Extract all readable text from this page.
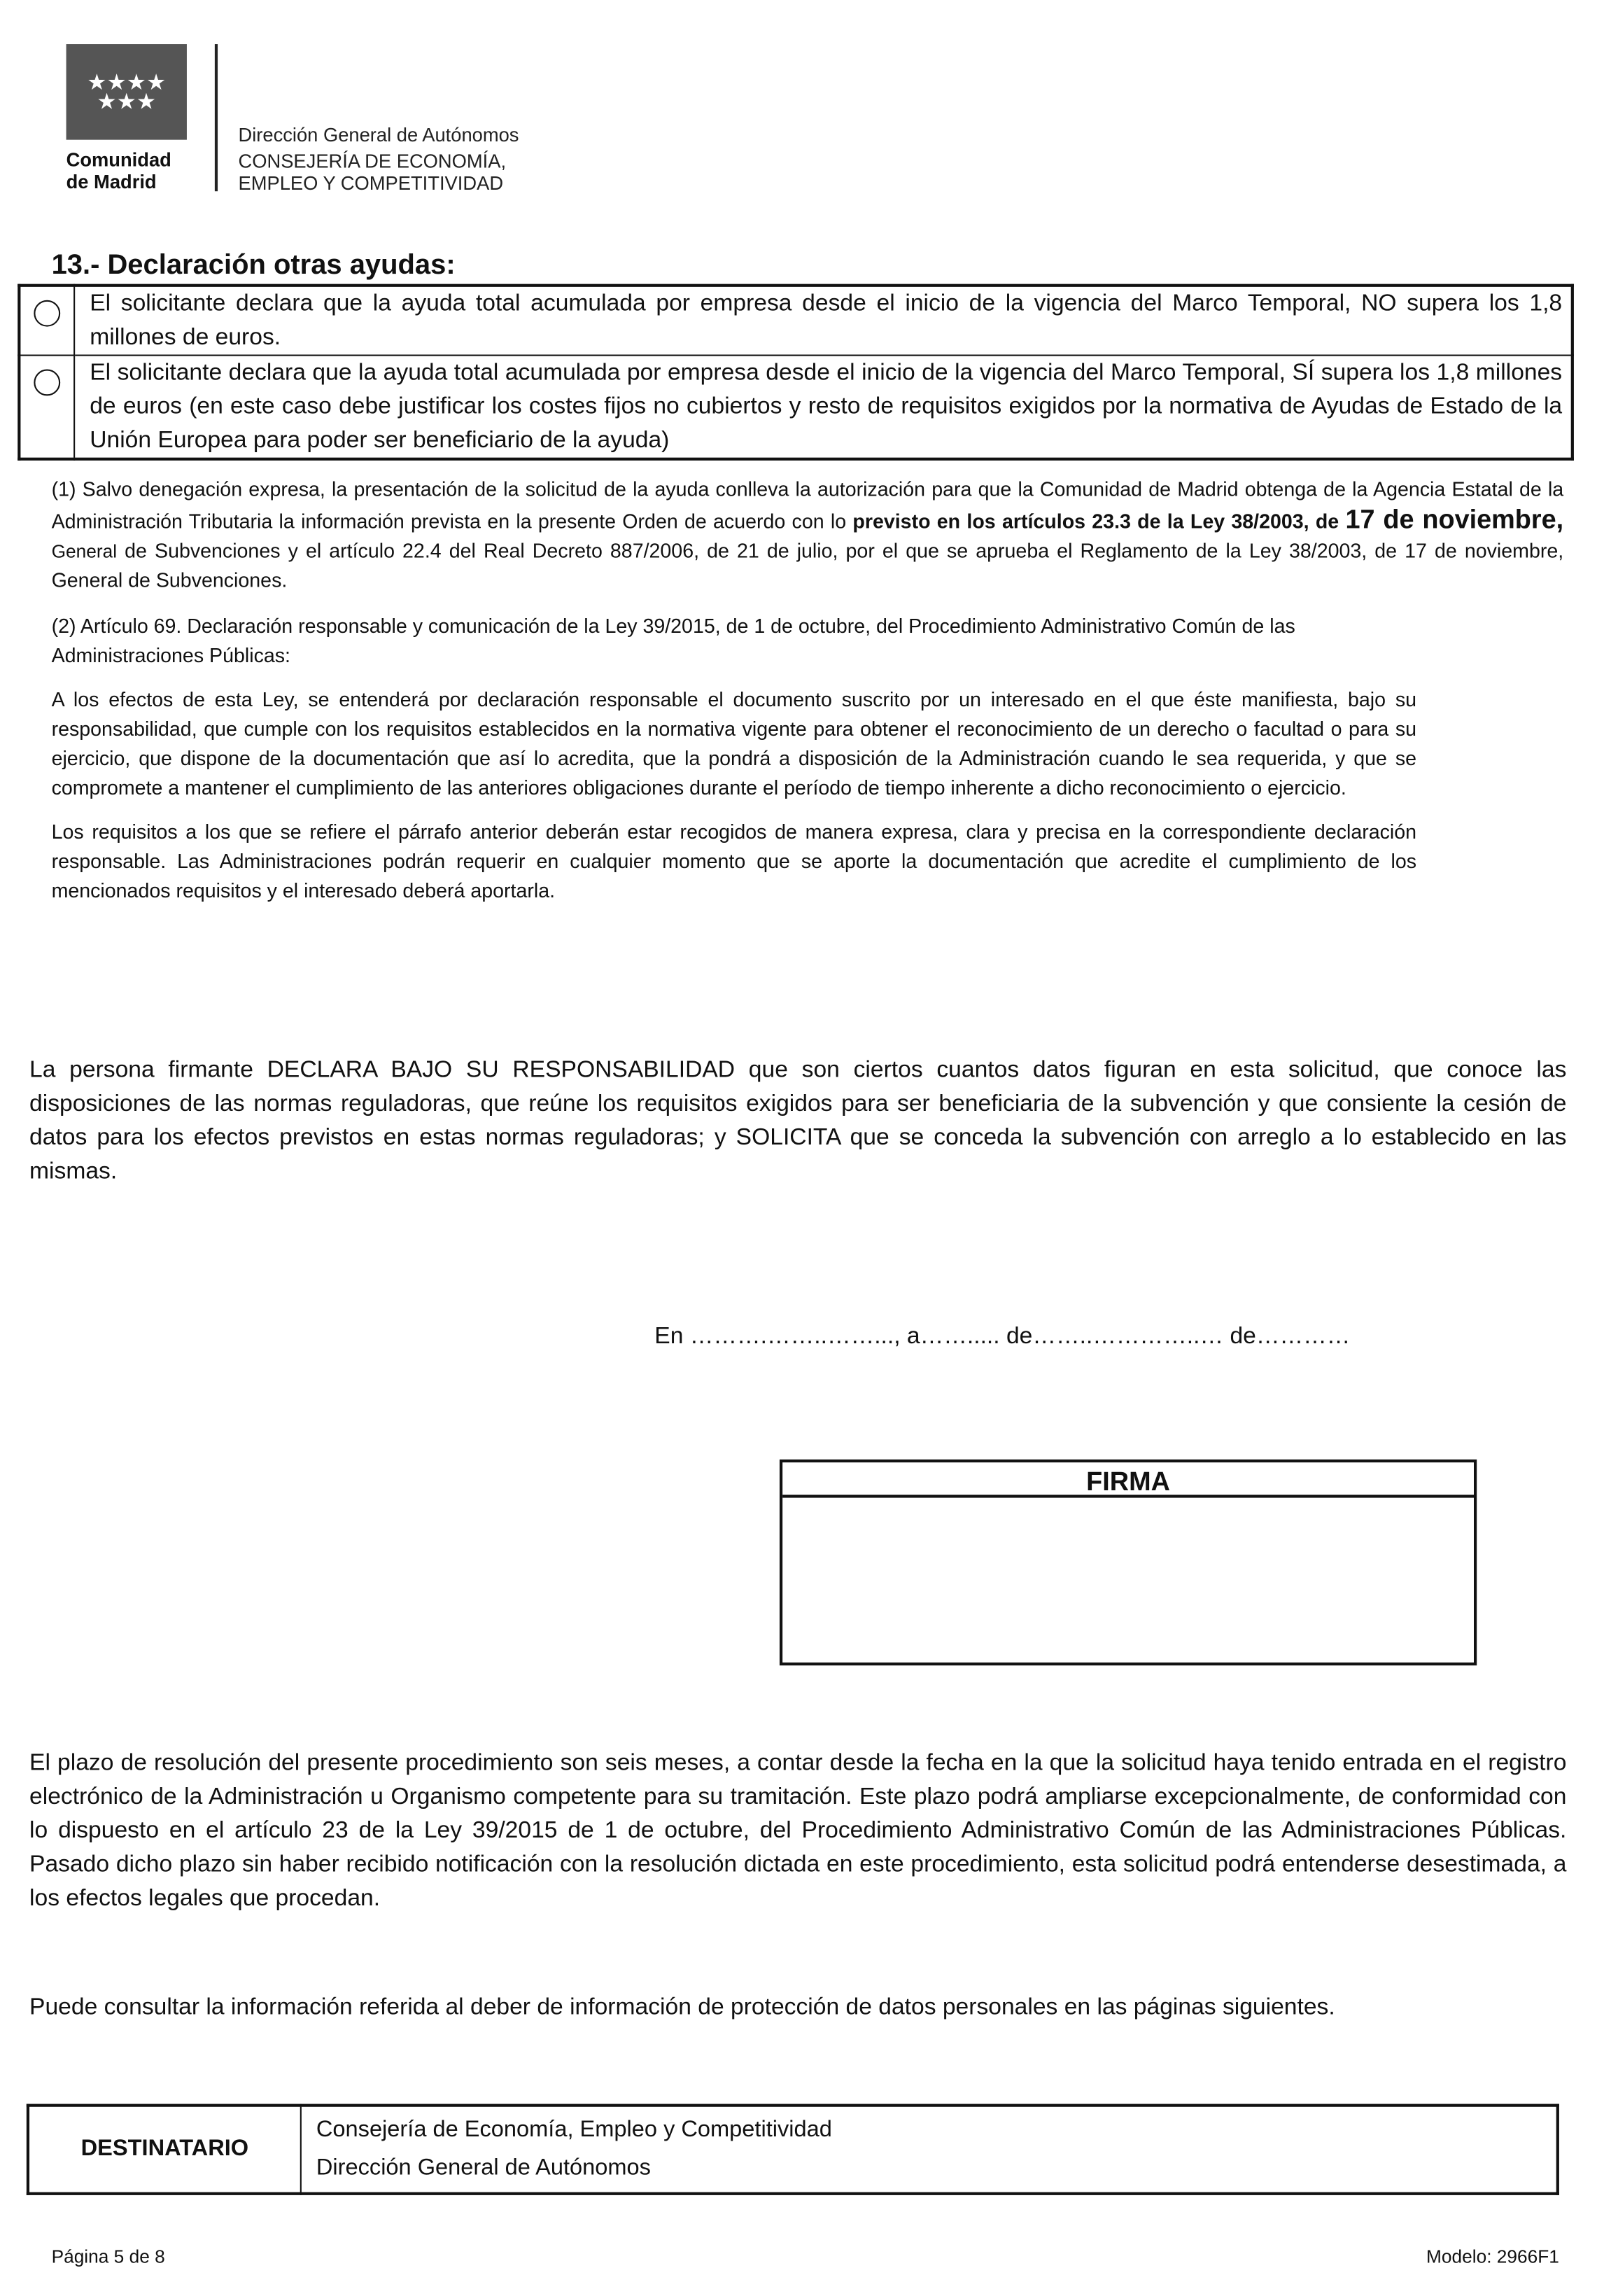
★★★★ ★★★
Comunidad
de Madrid
Dirección General de Autónomos
CONSEJERÍA DE ECONOMÍA,
EMPLEO Y COMPETITIVIDAD
13.- Declaración otras ayudas:
	El solicitante declara que la ayuda total acumulada por empresa desde el inicio de la vigencia del Marco Temporal, NO supera los 1,8 millones de euros.
	El solicitante declara que la ayuda total acumulada por empresa desde el inicio de la vigencia del Marco Temporal, SÍ supera los 1,8 millones de euros (en este caso debe justificar los costes fijos no cubiertos y resto de requisitos exigidos por la normativa de Ayudas de Estado de la Unión Europea para poder ser beneficiario de la ayuda)

(1) Salvo denegación expresa, la presentación de la solicitud de la ayuda conlleva la autorización para que la Comunidad de Madrid obtenga de la Agencia Estatal de la Administración Tributaria la información prevista en la presente Orden de acuerdo con lo previsto en los artículos 23.3 de la Ley 38/2003, de 17 de noviembre, General de Subvenciones y el artículo 22.4 del Real Decreto 887/2006, de 21 de julio, por el que se aprueba el Reglamento de la Ley 38/2003, de 17 de noviembre, General de Subvenciones.

(2) Artículo 69. Declaración responsable y comunicación de la Ley 39/2015, de 1 de octubre, del Procedimiento Administrativo Común de las Administraciones Públicas:

A los efectos de esta Ley, se entenderá por declaración responsable el documento suscrito por un interesado en el que éste manifiesta, bajo su responsabilidad, que cumple con los requisitos establecidos en la normativa vigente para obtener el reconocimiento de un derecho o facultad o para su ejercicio, que dispone de la documentación que así lo acredita, que la pondrá a disposición de la Administración cuando le sea requerida, y que se compromete a mantener el cumplimiento de las anteriores obligaciones durante el período de tiempo inherente a dicho reconocimiento o ejercicio.

Los requisitos a los que se refiere el párrafo anterior deberán estar recogidos de manera expresa, clara y precisa en la correspondiente declaración responsable. Las Administraciones podrán requerir en cualquier momento que se aporte la documentación que acredite el cumplimiento de los mencionados requisitos y el interesado deberá aportarla.

La persona firmante DECLARA BAJO SU RESPONSABILIDAD que son ciertos cuantos datos figuran en esta solicitud, que conoce las disposiciones de las normas reguladoras, que reúne los requisitos exigidos para ser beneficiaria de la subvención y que consiente la cesión de datos para los efectos previstos en estas normas reguladoras; y SOLICITA que se conceda la subvención con arreglo a lo establecido en las mismas.

En ……….……..……..., a……..... de……..…………..… de…………
FIRMA

El plazo de resolución del presente procedimiento son seis meses, a contar desde la fecha en la que la solicitud haya tenido entrada en el registro electrónico de la Administración u Organismo competente para su tramitación. Este plazo podrá ampliarse excepcionalmente, de conformidad con lo dispuesto en el artículo 23 de la Ley 39/2015 de 1 de octubre, del Procedimiento Administrativo Común de las Administraciones Públicas. Pasado dicho plazo sin haber recibido notificación con la resolución dictada en este procedimiento, esta solicitud podrá entenderse desestimada, a los efectos legales que procedan.

Puede consultar la información referida al deber de información de protección de datos personales en las páginas siguientes.
DESTINATARIO	
Consejería de Economía, Empleo y Competitividad
Dirección General de Autónomos
Página 5 de 8	Modelo: 2966F1
